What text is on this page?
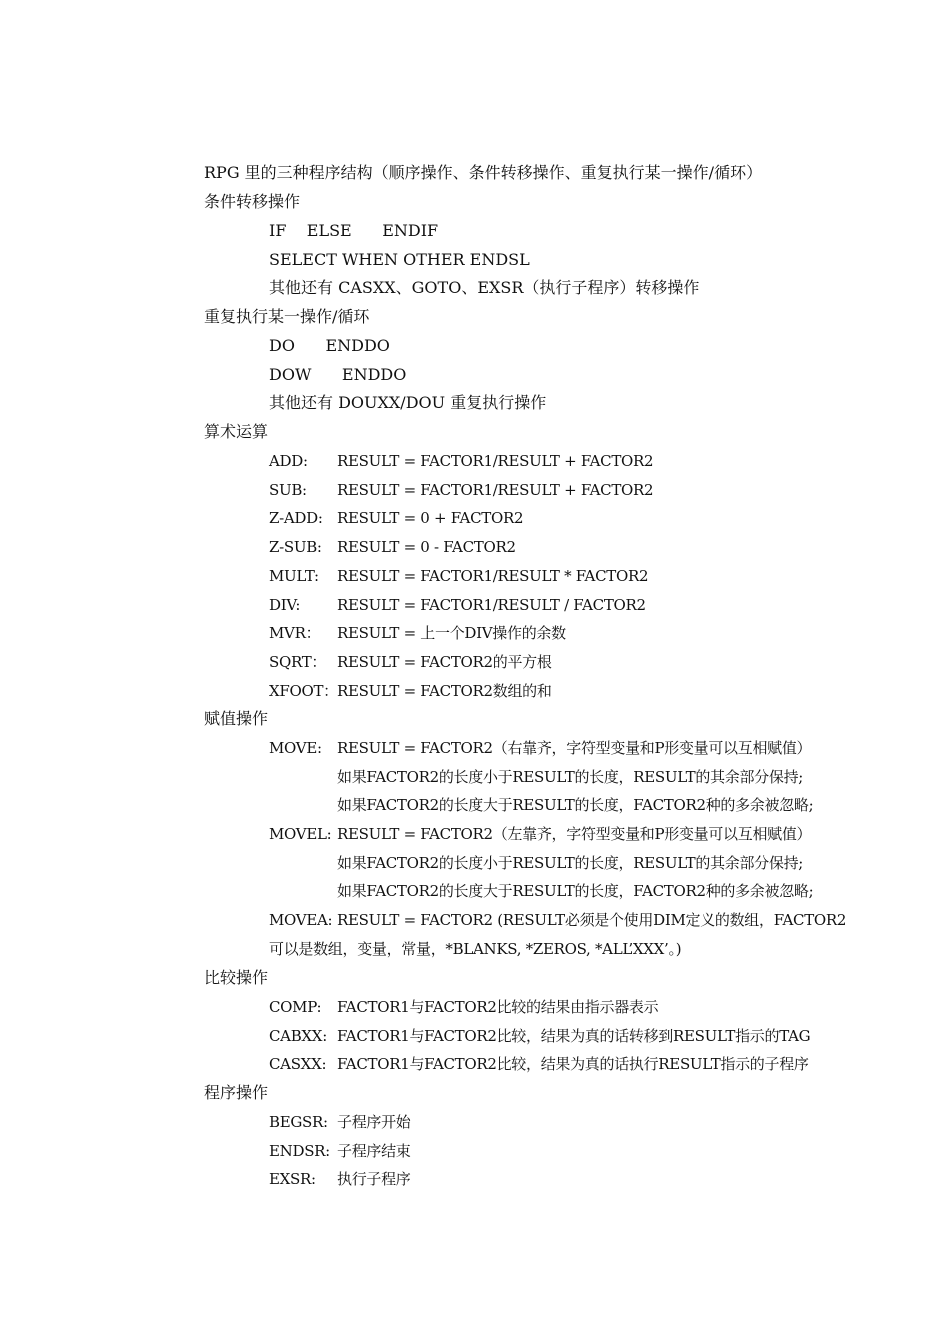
RPG 里的三种程序结构（顺序操作、条件转移操作、重复执行某一操作/循环）
条件转移操作
IF    ELSE      ENDIF
SELECT WHEN OTHER ENDSL
其他还有 CASXX、GOTO、EXSR（执行子程序）转移操作
重复执行某一操作/循环
DO      ENDDO
DOW      ENDDO
其他还有 DOUXX/DOU 重复执行操作
算术运算
ADD: RESULT = FACTOR1/RESULT + FACTOR2
SUB: RESULT = FACTOR1/RESULT + FACTOR2
Z-ADD: RESULT = 0 + FACTOR2
Z-SUB: RESULT = 0 - FACTOR2
MULT: RESULT = FACTOR1/RESULT * FACTOR2
DIV: RESULT = FACTOR1/RESULT / FACTOR2
MVR： RESULT = 上一个DIV操作的余数
SQRT： RESULT = FACTOR2的平方根
XFOOT： RESULT = FACTOR2数组的和
赋值操作
MOVE: RESULT = FACTOR2（右靠齐，字符型变量和P形变量可以互相赋值）
如果FACTOR2的长度小于RESULT的长度，RESULT的其余部分保持;
如果FACTOR2的长度大于RESULT的长度，FACTOR2种的多余被忽略;
MOVEL: RESULT = FACTOR2（左靠齐，字符型变量和P形变量可以互相赋值）
如果FACTOR2的长度小于RESULT的长度，RESULT的其余部分保持;
如果FACTOR2的长度大于RESULT的长度，FACTOR2种的多余被忽略;
MOVEA: RESULT = FACTOR2 (RESULT必须是个使用DIM定义的数组，FACTOR2
可以是数组，变量，常量，*BLANKS, *ZEROS, *ALL’XXX’。)
比较操作
COMP: FACTOR1与FACTOR2比较的结果由指示器表示
CABXX: FACTOR1与FACTOR2比较，结果为真的话转移到RESULT指示的TAG
CASXX: FACTOR1与FACTOR2比较，结果为真的话执行RESULT指示的子程序
程序操作
BEGSR: 子程序开始
ENDSR: 子程序结束
EXSR: 执行子程序
